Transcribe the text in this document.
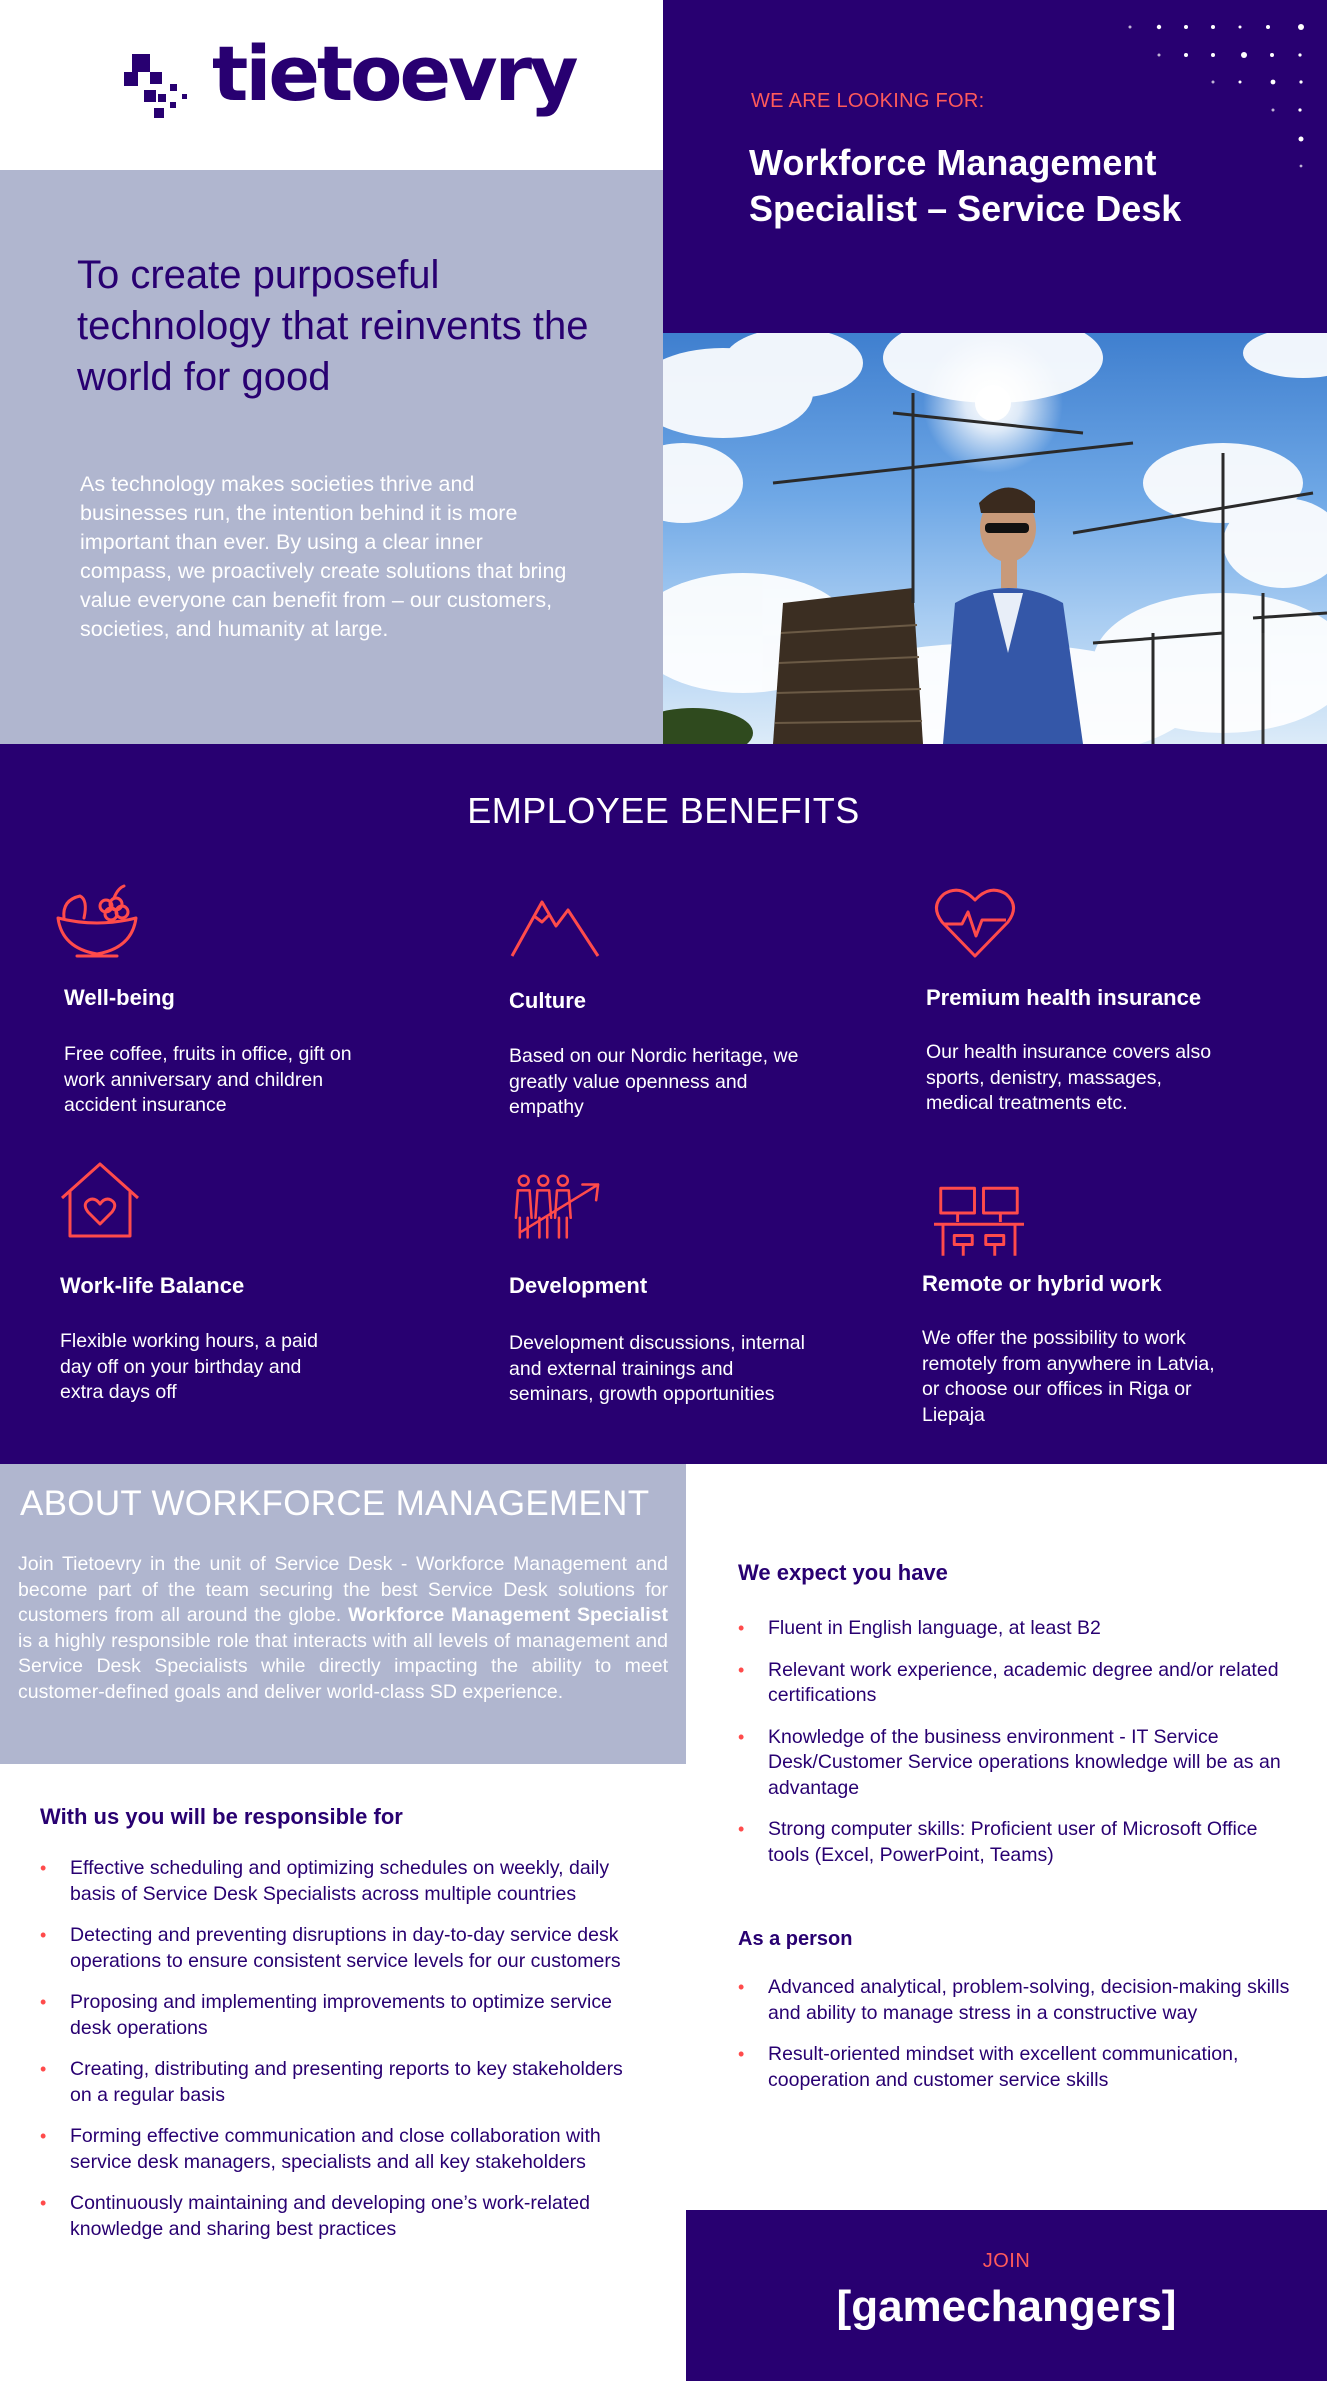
tietoevry
To create purposeful technology that reinvents the world for good
As technology makes societies thrive and businesses run, the intention behind it is more important than ever. By using a clear inner compass, we proactively create solutions that bring value everyone can benefit from – our customers, societies, and humanity at large.
WE ARE LOOKING FOR:
Workforce Management Specialist – Service Desk
EMPLOYEE BENEFITS
Well-being
Free coffee, fruits in office, gift on work anniversary and children accident insurance
Culture
Based on our Nordic heritage, we greatly value openness and empathy
Premium health insurance
Our health insurance covers also sports, denistry, massages, medical treatments etc.
Work-life Balance
Flexible working hours, a paid day off on your birthday and extra days off
Development
Development discussions, internal and external trainings and seminars, growth opportunities
Remote or hybrid work
We offer the possibility to work remotely from anywhere in Latvia, or choose our offices in Riga or Liepaja
ABOUT WORKFORCE MANAGEMENT
Join Tietoevry in the unit of Service Desk - Workforce Management and become part of the team securing the best Service Desk solutions for customers from all around the globe. Workforce Management Specialist is a highly responsible role that interacts with all levels of management and Service Desk Specialists while directly impacting the ability to meet customer-defined goals and deliver world-class SD experience.
With us you will be responsible for
• Effective scheduling and optimizing schedules on weekly, daily basis of Service Desk Specialists across multiple countries
• Detecting and preventing disruptions in day-to-day service desk operations to ensure consistent service levels for our customers
• Proposing and implementing improvements to optimize service desk operations
• Creating, distributing and presenting reports to key stakeholders on a regular basis
• Forming effective communication and close collaboration with service desk managers, specialists and all key stakeholders
• Continuously maintaining and developing one’s work-related knowledge and sharing best practices
We expect you have
• Fluent in English language, at least B2
• Relevant work experience, academic degree and/or related certifications
• Knowledge of the business environment - IT Service Desk/Customer Service operations knowledge will be as an advantage
• Strong computer skills: Proficient user of Microsoft Office tools (Excel, PowerPoint, Teams)
As a person
• Advanced analytical, problem-solving, decision-making skills and ability to manage stress in a constructive way
• Result-oriented mindset with excellent communication, cooperation and customer service skills
JOIN
[gamechangers]
